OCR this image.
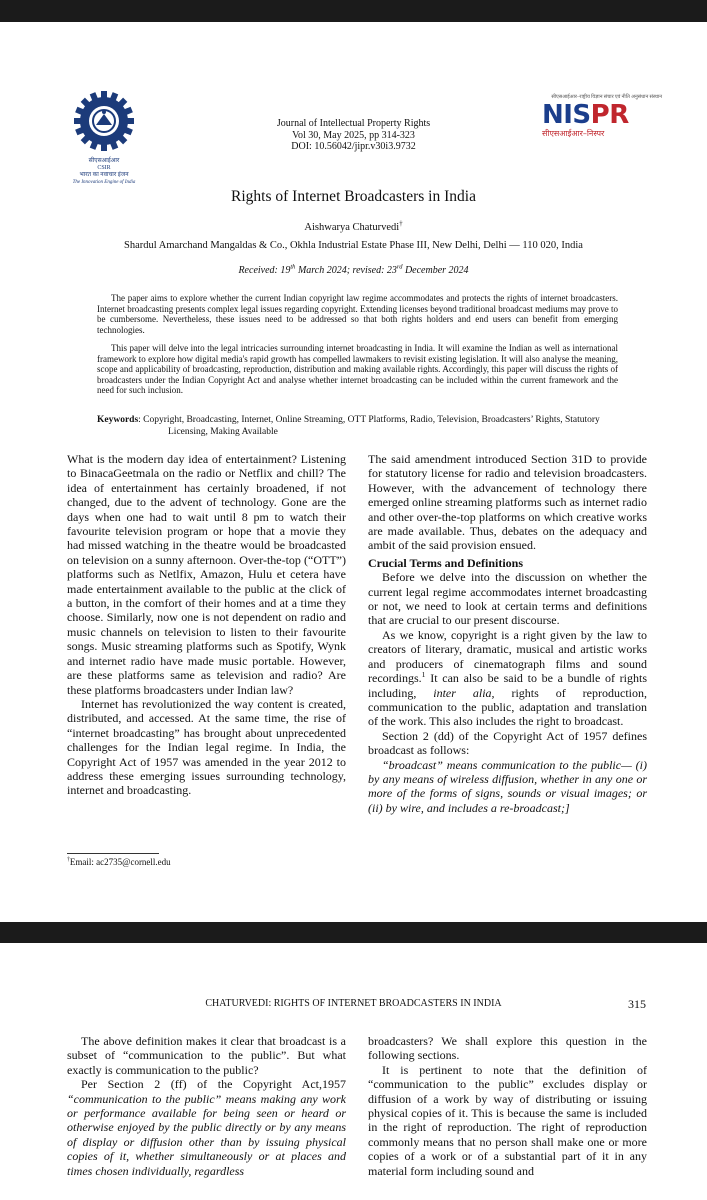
सीएसआईआर
CSIR
भारत का नवाचार इंजन
The Innovation Engine of India
सीएसआईआर–राष्ट्रीय विज्ञान संचार एवं नीति अनुसंधान संस्थान
NISPR
सीएसआईआर–निस्पर
Journal of Intellectual Property Rights
Vol 30, May 2025, pp 314-323
DOI: 10.56042/jipr.v30i3.9732
Rights of Internet Broadcasters in India
Aishwarya Chaturvedi†
Shardul Amarchand Mangaldas & Co., Okhla Industrial Estate Phase III, New Delhi, Delhi — 110 020, India
Received: 19th March 2024; revised: 23rd December 2024
The paper aims to explore whether the current Indian copyright law regime accommodates and protects the rights of internet broadcasters. Internet broadcasting presents complex legal issues regarding copyright. Extending licenses beyond traditional broadcast mediums may prove to be cumbersome. Nevertheless, these issues need to be addressed so that both rights holders and end users can benefit from emerging technologies.
This paper will delve into the legal intricacies surrounding internet broadcasting in India. It will examine the Indian as well as international framework to explore how digital media's rapid growth has compelled lawmakers to revisit existing legislation. It will also analyse the meaning, scope and applicability of broadcasting, reproduction, distribution and making available rights. Accordingly, this paper will discuss the rights of broadcasters under the Indian Copyright Act and analyse whether internet broadcasting can be included within the current framework and the need for such inclusion.
Keywords: Copyright, Broadcasting, Internet, Online Streaming, OTT Platforms, Radio, Television, Broadcasters’ Rights, Statutory Licensing, Making Available

What is the modern day idea of entertainment? Listening to BinacaGeetmala on the radio or Netflix and chill? The idea of entertainment has certainly broadened, if not changed, due to the advent of technology. Gone are the days when one had to wait until 8 pm to watch their favourite television program or hope that a movie they had missed watching in the theatre would be broadcasted on television on a sunny afternoon. Over-the-top (“OTT”) platforms such as Netlfix, Amazon, Hulu et cetera have made entertainment available to the public at the click of a button, in the comfort of their homes and at a time they choose. Similarly, now one is not dependent on radio and music channels on television to listen to their favourite songs. Music streaming platforms such as Spotify, Wynk and internet radio have made music portable. However, are these platforms same as television and radio? Are these platforms broadcasters under Indian law?

Internet has revolutionized the way content is created, distributed, and accessed. At the same time, the rise of “internet broadcasting” has brought about unprecedented challenges for the Indian legal regime. In India, the Copyright Act of 1957 was amended in the year 2012 to address these emerging issues surrounding technology, internet and broadcasting.

The said amendment introduced Section 31D to provide for statutory license for radio and television broadcasters. However, with the advancement of technology there emerged online streaming platforms such as internet radio and other over-the-top platforms on which creative works are made available. Thus, debates on the adequacy and ambit of the said provision ensued.

Crucial Terms and Definitions

Before we delve into the discussion on whether the current legal regime accommodates internet broadcasting or not, we need to look at certain terms and definitions that are crucial to our present discourse.

As we know, copyright is a right given by the law to creators of literary, dramatic, musical and artistic works and producers of cinematograph films and sound recordings.$^1$ It can also be said to be a bundle of rights including, inter alia, rights of reproduction, communication to the public, adaptation and translation of the work. This also includes the right to broadcast.

Section 2 (dd) of the Copyright Act of 1957 defines broadcast as follows:

“broadcast” means communication to the public— (i) by any means of wireless diffusion, whether in any one or more of the forms of signs, sounds or visual images; or (ii) by wire, and includes a re-broadcast;]

†Email: ac2735@cornell.edu
CHATURVEDI: RIGHTS OF INTERNET BROADCASTERS IN INDIA	315

The above definition makes it clear that broadcast is a subset of “communication to the public”. But what exactly is communication to the public?

Per Section 2 (ff) of the Copyright Act,1957 “communication to the public” means making any work or performance available for being seen or heard or otherwise enjoyed by the public directly or by any means of display or diffusion other than by issuing physical copies of it, whether simultaneously or at places and times chosen individually, regardless

broadcasters? We shall explore this question in the following sections.

It is pertinent to note that the definition of “communication to the public” excludes display or diffusion of a work by way of distributing or issuing physical copies of it. This is because the same is included in the right of reproduction. The right of reproduction commonly means that no person shall make one or more copies of a work or of a substantial part of it in any material form including sound and
